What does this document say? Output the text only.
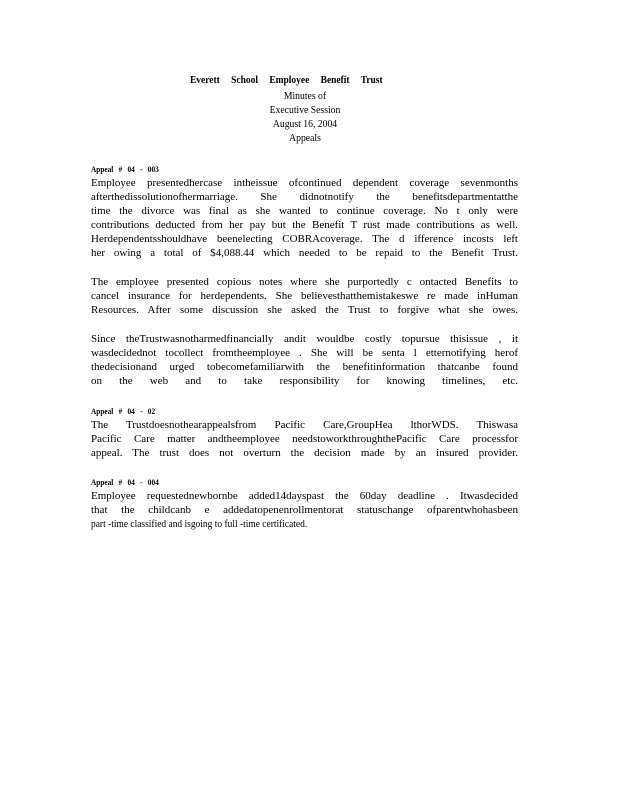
Everett School Employee Benefit Trust
Minutes of
Executive Session
August 16, 2004
Appeals
Appeal # 04 - 003
Employee presentedhercase intheissue ofcontinued dependent coverage sevenmonths
afterthedissolutionofhermarriage. She didnotnotify the benefitsdepartmentatthe
time the divorce was final as she wanted to continue coverage. No t only were
contributions deducted from her pay but the Benefit T rust made contributions as well.
Herdependentsshouldhave beenelecting COBRAcoverage. The d ifference incosts left
her owing a total of $4,088.44 which needed to be repaid to the Benefit Trust.
The employee presented copious notes where she purportedly c ontacted Benefits to
cancel insurance for herdependents. She believesthatthemistakeswe re made inHuman
Resources. After some discussion she asked the Trust to forgive what she owes.
Since theTrustwasnotharmedfinancially andit wouldbe costly topursue thisissue , it
wasdecidednot tocollect fromtheemployee . She will be senta l etternotifying herof
thedecisionand urged tobecomefamiliarwith the benefitinformation thatcanbe found
on the web and to take responsibility for knowing timelines, etc.
Appeal # 04 - 02
The Trustdoesnothearappealsfrom Pacific Care,GroupHea lthorWDS. Thiswasa
Pacific Care matter andtheemployee needstoworkthroughthePacific Care processfor
appeal. The trust does not overturn the decision made by an insured provider.
Appeal # 04 - 004
Employee requestednewbornbe added14dayspast the 60day deadline . Itwasdecided
that the childcanb e addedatopenenrollmentorat statuschange ofparentwhohasbeen
part -time classified and isgoing to full -time certificated.
